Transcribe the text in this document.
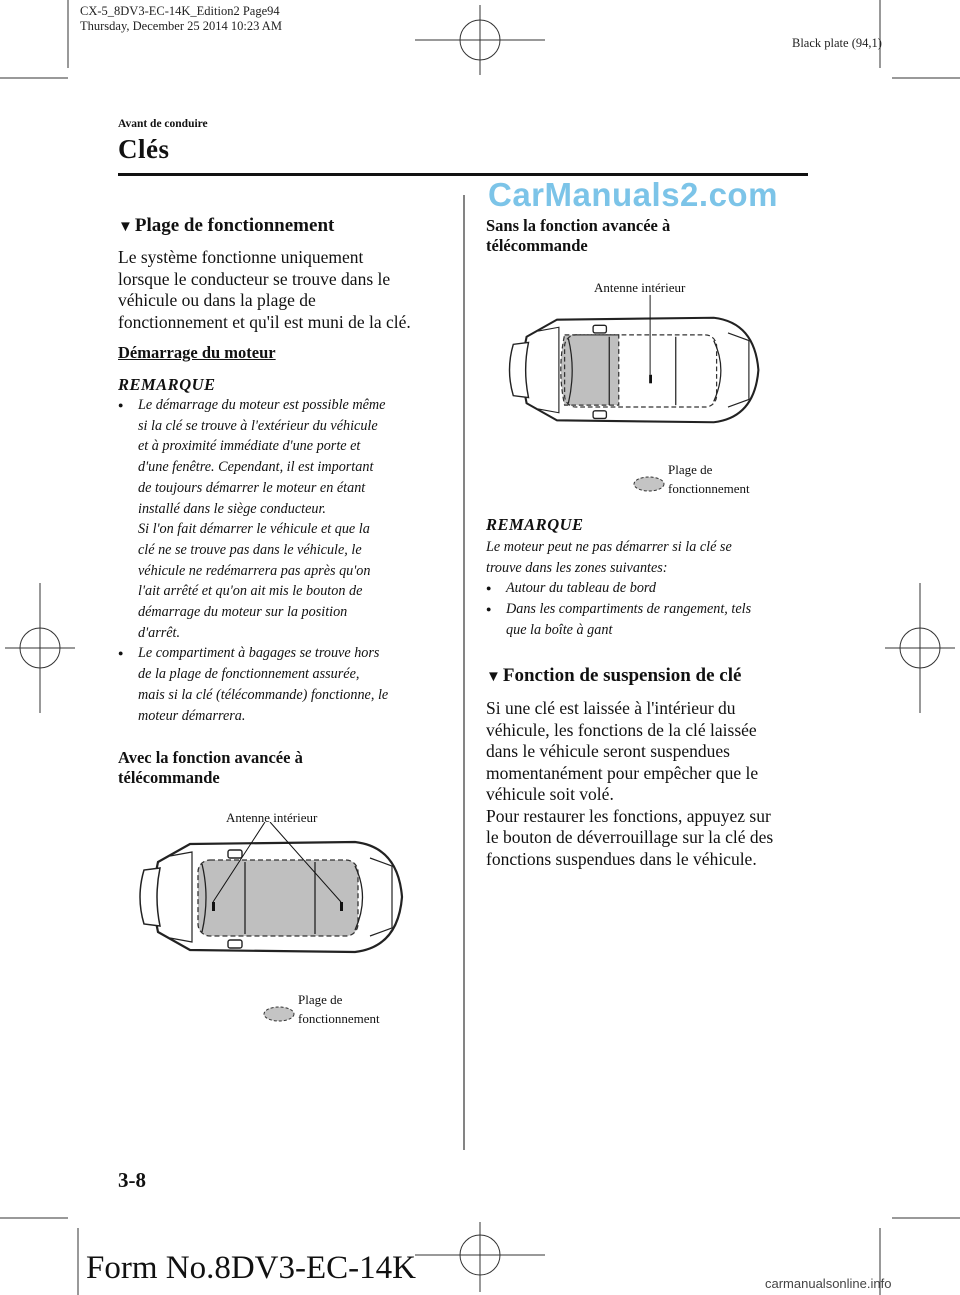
CX-5_8DV3-EC-14K_Edition2 Page94
Thursday, December 25 2014 10:23 AM
Black plate (94,1)
Avant de conduire
Clés
CarManuals2.com
▼ Plage de fonctionnement
Le système fonctionne uniquement
lorsque le conducteur se trouve dans le
véhicule ou dans la plage de
fonctionnement et qu'il est muni de la clé.
Démarrage du moteur
REMARQUE
● Le démarrage du moteur est possible même
si la clé se trouve à l'extérieur du véhicule
et à proximité immédiate d'une porte et
d'une fenêtre. Cependant, il est important
de toujours démarrer le moteur en étant
installé dans le siège conducteur.
Si l'on fait démarrer le véhicule et que la
clé ne se trouve pas dans le véhicule, le
véhicule ne redémarrera pas après qu'on
l'ait arrêté et qu'on ait mis le bouton de
démarrage du moteur sur la position
d'arrêt.
● Le compartiment à bagages se trouve hors
de la plage de fonctionnement assurée,
mais si la clé (télécommande) fonctionne, le
moteur démarrera.
Avec la fonction avancée à
télécommande
Antenne intérieur
Plage de
fonctionnement
Sans la fonction avancée à
télécommande
Antenne intérieur
Plage de
fonctionnement
REMARQUE
Le moteur peut ne pas démarrer si la clé se
trouve dans les zones suivantes:
● Autour du tableau de bord
● Dans les compartiments de rangement, tels
que la boîte à gant
▼ Fonction de suspension de clé
Si une clé est laissée à l'intérieur du
véhicule, les fonctions de la clé laissée
dans le véhicule seront suspendues
momentanément pour empêcher que le
véhicule soit volé.
Pour restaurer les fonctions, appuyez sur
le bouton de déverrouillage sur la clé des
fonctions suspendues dans le véhicule.
3-8
Form No.8DV3-EC-14K	carmanualsonline.info
